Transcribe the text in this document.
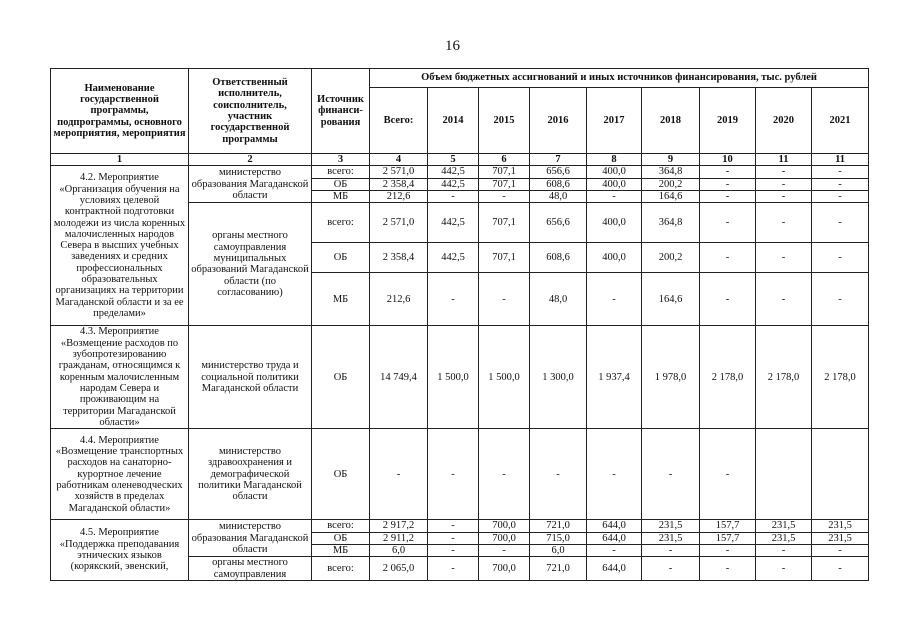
16
Наименование государственной программы, подпрограммы, основного мероприятия, мероприятия	Ответственный исполнитель, соисполнитель, участник государственной программы	Источник финанси-рования	Объем бюджетных ассигнований и иных источников финансирования, тыс. рублей								
			Всего:	2014	2015	2016	2017	2018	2019	2020	2021
1	2	3	4	5	6	7	8	9	10	11	11
4.2. Мероприятие «Организация обучения на условиях целевой контрактной подготовки молодежи из числа коренных малочисленных народов Севера в высших учебных заведениях и средних профессиональных образовательных организациях на территории Магаданской области и за ее пределами»	министерство образования Магаданской области	всего:	2 571,0	442,5	707,1	656,6	400,0	364,8	-	-	-
		ОБ	2 358,4	442,5	707,1	608,6	400,0	200,2	-	-	-
		МБ	212,6	-	-	48,0	-	164,6	-	-	-
	органы местного самоуправления муниципальных образований Магаданской области (по согласованию)	всего:	2 571,0	442,5	707,1	656,6	400,0	364,8	-	-	-
		ОБ	2 358,4	442,5	707,1	608,6	400,0	200,2	-	-	-
		МБ	212,6	-	-	48,0	-	164,6	-	-	-
4.3. Мероприятие «Возмещение расходов по зубопротезированию гражданам, относящимся к коренным малочисленным народам Севера и проживающим на территории Магаданской области»	министерство труда и социальной политики Магаданской области	ОБ	14 749,4	1 500,0	1 500,0	1 300,0	1 937,4	1 978,0	2 178,0	2 178,0	2 178,0
4.4. Мероприятие «Возмещение транспортных расходов на санаторно-курортное лечение работникам оленеводческих хозяйств в пределах Магаданской области»	министерство здравоохранения и демографической политики Магаданской области	ОБ	-	-	-	-	-	-	-		
4.5. Мероприятие «Поддержка преподавания этнических языков (корякский, эвенский,	министерство образования Магаданской области	всего:	2 917,2	-	700,0	721,0	644,0	231,5	157,7	231,5	231,5
		ОБ	2 911,2	-	700,0	715,0	644,0	231,5	157,7	231,5	231,5
		МБ	6,0	-	-	6,0	-	-	-	-	-
	органы местного самоуправления	всего:	2 065,0	-	700,0	721,0	644,0	-	-	-	-
